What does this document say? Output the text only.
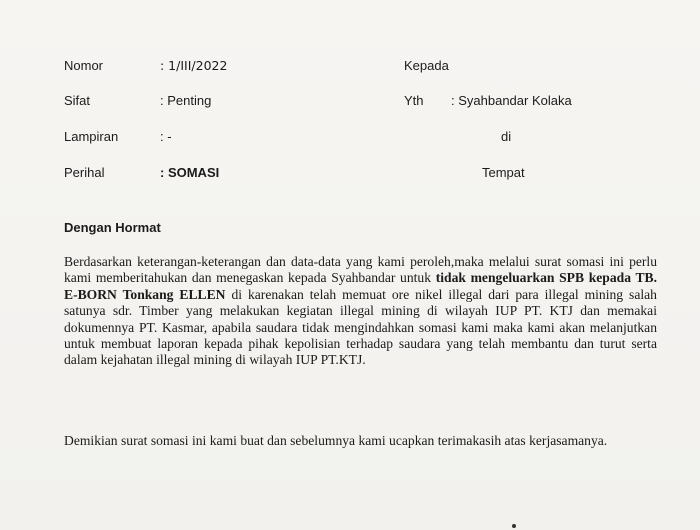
Nomor	: 1/III/2022
Sifat	: Penting
Lampiran	: -
Perihal	: SOMASI
Kepada
Yth : Syahbandar Kolaka
di
Tempat
Dengan Hormat
Berdasarkan keterangan-keterangan dan data-data yang kami peroleh,maka melalui surat somasi ini perlu kami memberitahukan dan menegaskan kepada Syahbandar untuk tidak mengeluarkan SPB kepada TB. E-BORN Tonkang ELLEN di karenakan telah memuat ore nikel illegal dari para illegal mining salah satunya sdr. Timber yang melakukan kegiatan illegal mining di wilayah IUP PT. KTJ dan memakai dokumennya PT. Kasmar, apabila saudara tidak mengindahkan somasi kami maka kami akan melanjutkan untuk membuat laporan kepada pihak kepolisian terhadap saudara yang telah membantu dan turut serta dalam kejahatan illegal mining di wilayah IUP PT.KTJ.
Demikian surat somasi ini kami buat dan sebelumnya kami ucapkan terimakasih atas kerjasamanya.
